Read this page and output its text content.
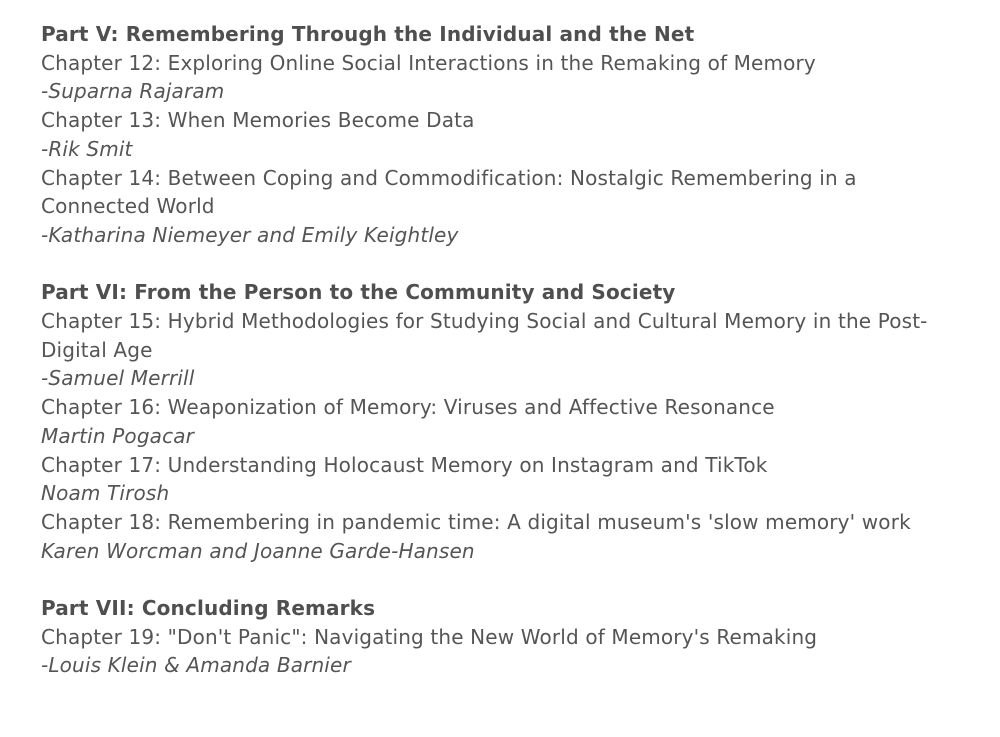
Part V: Remembering Through the Individual and the Net
Chapter 12: Exploring Online Social Interactions in the Remaking of Memory
-Suparna Rajaram
Chapter 13: When Memories Become Data
-Rik Smit
Chapter 14: Between Coping and Commodification: Nostalgic Remembering in a Connected World
-Katharina Niemeyer and Emily Keightley
Part VI: From the Person to the Community and Society
Chapter 15: Hybrid Methodologies for Studying Social and Cultural Memory in the Post-Digital Age
-Samuel Merrill
Chapter 16: Weaponization of Memory: Viruses and Affective Resonance
Martin Pogacar
Chapter 17: Understanding Holocaust Memory on Instagram and TikTok
Noam Tirosh
Chapter 18: Remembering in pandemic time: A digital museum's 'slow memory' work
Karen Worcman and Joanne Garde-Hansen
Part VII: Concluding Remarks
Chapter 19: "Don't Panic": Navigating the New World of Memory's Remaking
-Louis Klein & Amanda Barnier
